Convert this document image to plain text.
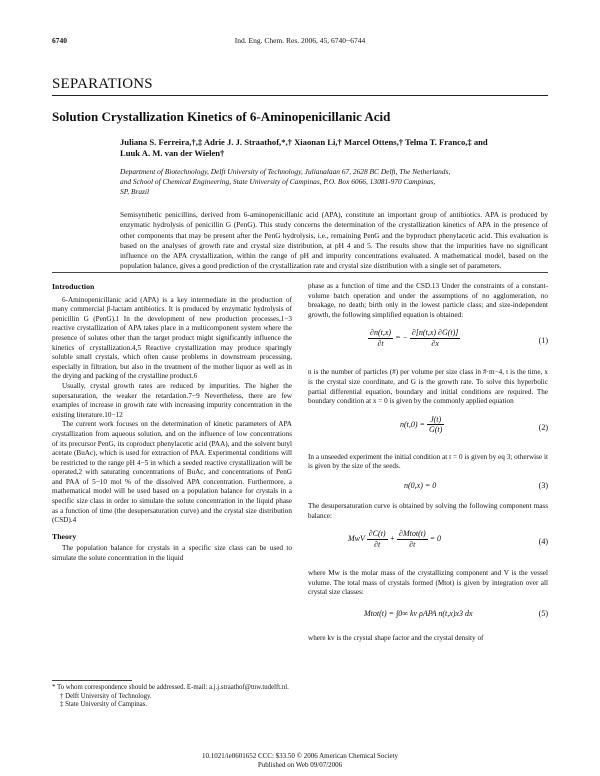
6740	Ind. Eng. Chem. Res. 2006, 45, 6740−6744
SEPARATIONS
Solution Crystallization Kinetics of 6-Aminopenicillanic Acid
Juliana S. Ferreira,†,‡ Adrie J. J. Straathof,*,† Xiaonan Li,† Marcel Ottens,† Telma T. Franco,‡ and
Luuk A. M. van der Wielen†
Department of Biotechnology, Delft University of Technology, Julianalaan 67, 2628 BC Delft, The Netherlands,
and School of Chemical Engineering, State University of Campinas, P.O. Box 6066, 13081-970 Campinas,
SP, Brazil
Semisynthetic penicillins, derived from 6-aminopenicillanic acid (APA), constitute an important group of antibiotics. APA is produced by enzymatic hydrolysis of penicillin G (PenG). This study concerns the determination of the crystallization kinetics of APA in the presence of other components that may be present after the PenG hydrolysis, i.e., remaining PenG and the byproduct phenylacetic acid. This evaluation is based on the analyses of growth rate and crystal size distribution, at pH 4 and 5. The results show that the impurities have no significant influence on the APA crystallization, within the range of pH and impurity concentrations evaluated. A mathematical model, based on the population balance, gives a good prediction of the crystallization rate and crystal size distribution with a single set of parameters.
Introduction

6-Aminopenicillanic acid (APA) is a key intermediate in the production of many commercial β-lactam antibiotics. It is produced by enzymatic hydrolysis of penicillin G (PenG).1 In the development of new production processes,1−3 reactive crystallization of APA takes place in a multicomponent system where the presence of solutes other than the target product might significantly influence the kinetics of crystallization.4,5 Reactive crystallization may produce sparingly soluble small crystals, which often cause problems in downstream processing, especially in filtration, but also in the treatment of the mother liquor as well as in the drying and packing of the crystalline product.6

Usually, crystal growth rates are reduced by impurities. The higher the supersaturation, the weaker the retardation.7−9 Nevertheless, there are few examples of increase in growth rate with increasing impurity concentration in the existing literature.10−12

The current work focuses on the determination of kinetic parameters of APA crystallization from aqueous solution, and on the influence of low concentrations of its precursor PenG, its coproduct phenylacetic acid (PAA), and the solvent butyl acetate (BuAc), which is used for extraction of PAA. Experimental conditions will be restricted to the range pH 4−5 in which a seeded reactive crystallization will be operated,2 with saturating concentrations of BuAc, and concentrations of PenG and PAA of 5−10 mol % of the dissolved APA concentration. Furthermore, a mathematical model will be used based on a population balance for crystals in a specific size class in order to simulate the solute concentration in the liquid phase as a function of time (the desupersaturation curve) and the crystal size distribution (CSD).4

Theory

The population balance for crystals in a specific size class can be used to simulate the solute concentration in the liquid

* To whom correspondence should be addressed. E-mail: a.j.j.straathof@tnw.tudelft.nl.
† Delft University of Technology.
‡ State University of Campinas.

phase as a function of time and the CSD.13 Under the constraints of a constant-volume batch operation and under the assumptions of no agglomeration, no breakage, no death; birth only in the lowest particle class; and size-independent growth, the following simplified equation is obtained:

$\frac{\partial n(t,x)}{\partial t}$ = − $\frac{\partial[n(t,x) \partial G(t)]}{\partial x}$	(1)

n is the number of particles (#) per volume per size class in #·m−4, t is the time, x is the crystal size coordinate, and G is the growth rate. To solve this hyperbolic partial differential equation, boundary and initial conditions are required. The boundary condition at x = 0 is given by the commonly applied equation

$n(t,0) = \frac{J(t)}{G(t)}$	(2)

In a unseeded experiment the initial condition at t = 0 is given by eq 3; otherwise it is given by the size of the seeds.

n(0,x) = 0	(3)

The desupersaturation curve is obtained by solving the following component mass balance:

MwV $\frac{\partial C(t)}{\partial t} + \frac{\text{∂Mtot(t)}}{\partial t} = 0$	(4)

where Mw is the molar mass of the crystallizing component and V is the vessel volume. The total mass of crystals formed (Mtot) is given by integration over all crystal size classes:

Mtot(t) = ∫0∞ kv ρAPA n(t,x)x3 dx	(5)

where kv is the crystal shape factor and the crystal density of

10.1021/ie0601652 CCC: $33.50 © 2006 American Chemical Society
Published on Web 09/07/2006
